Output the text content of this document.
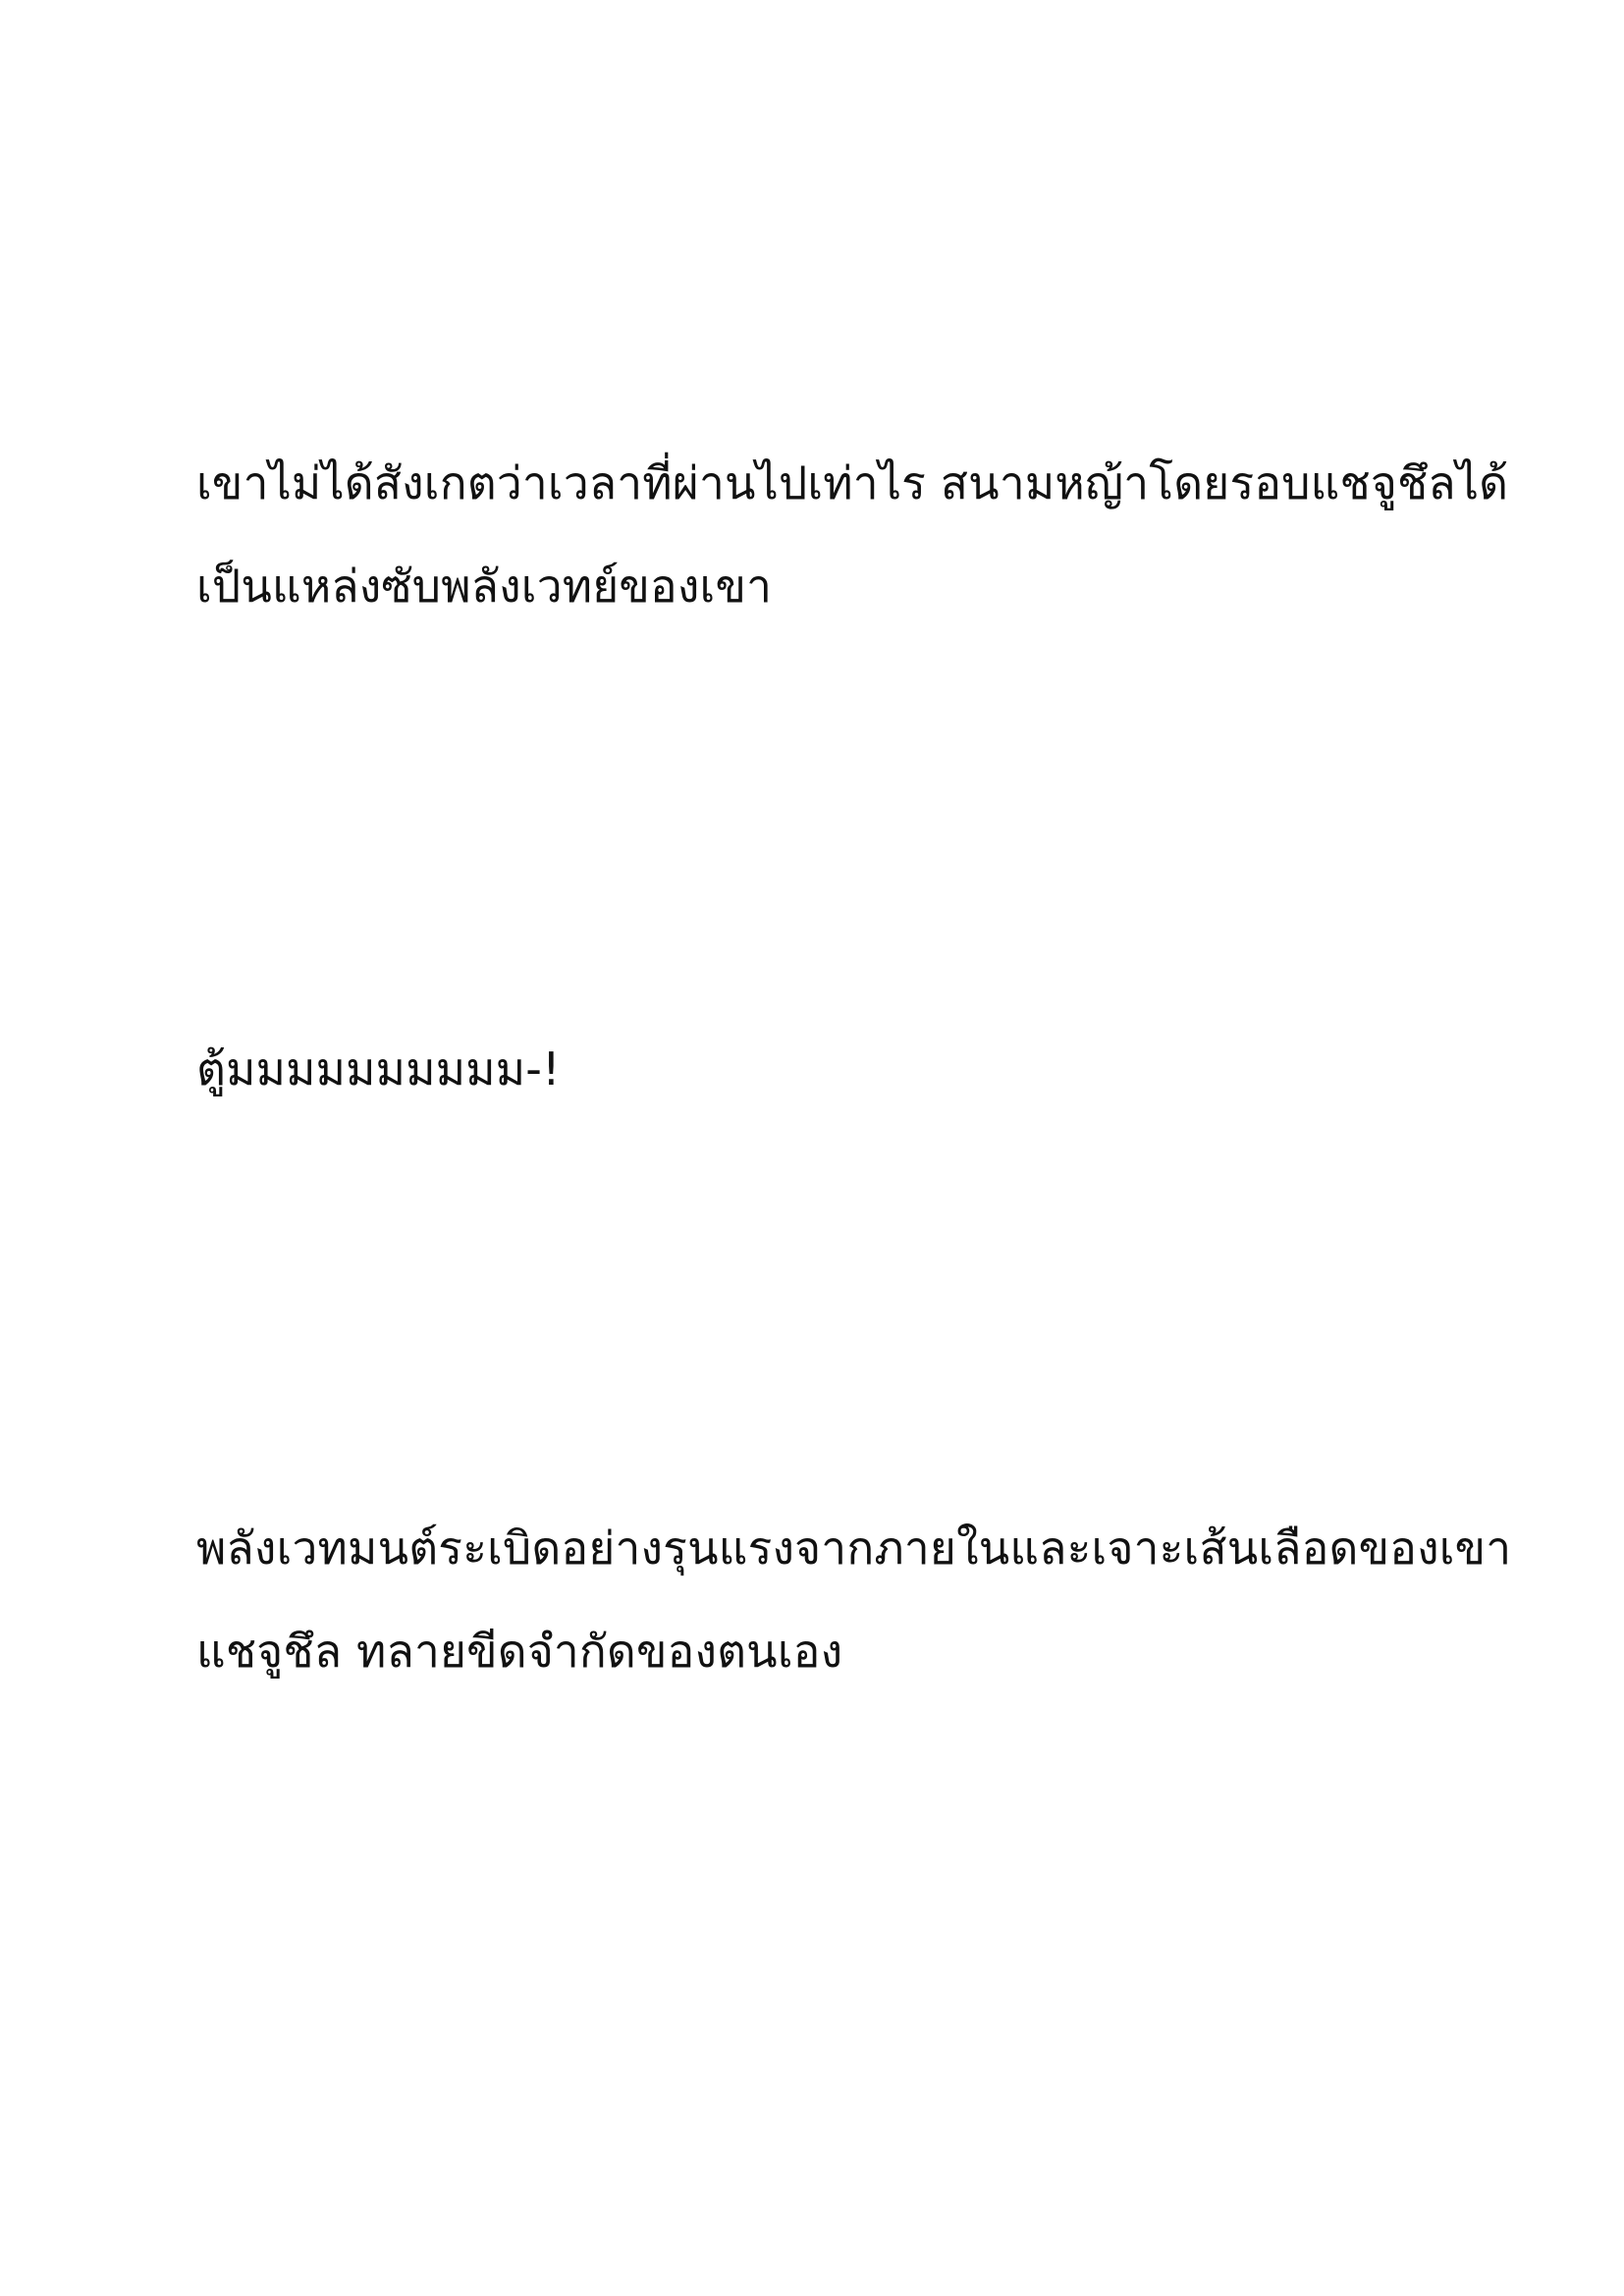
เขาไม่ได้สังเกตว่าเวลาที่ผ่านไปเท่าไร สนามหญ้าโดยรอบแชจูชึลได้
เป็นแหล่งซับพลังเวทย์ของเขา
ตู้มมมมมมมมมม-!
พลังเวทมนต์ระเบิดอย่างรุนแรงจากภายในและเจาะเส้นเลือดของเขา
แชจูชึล ทลายขีดจำกัดของตนเอง
